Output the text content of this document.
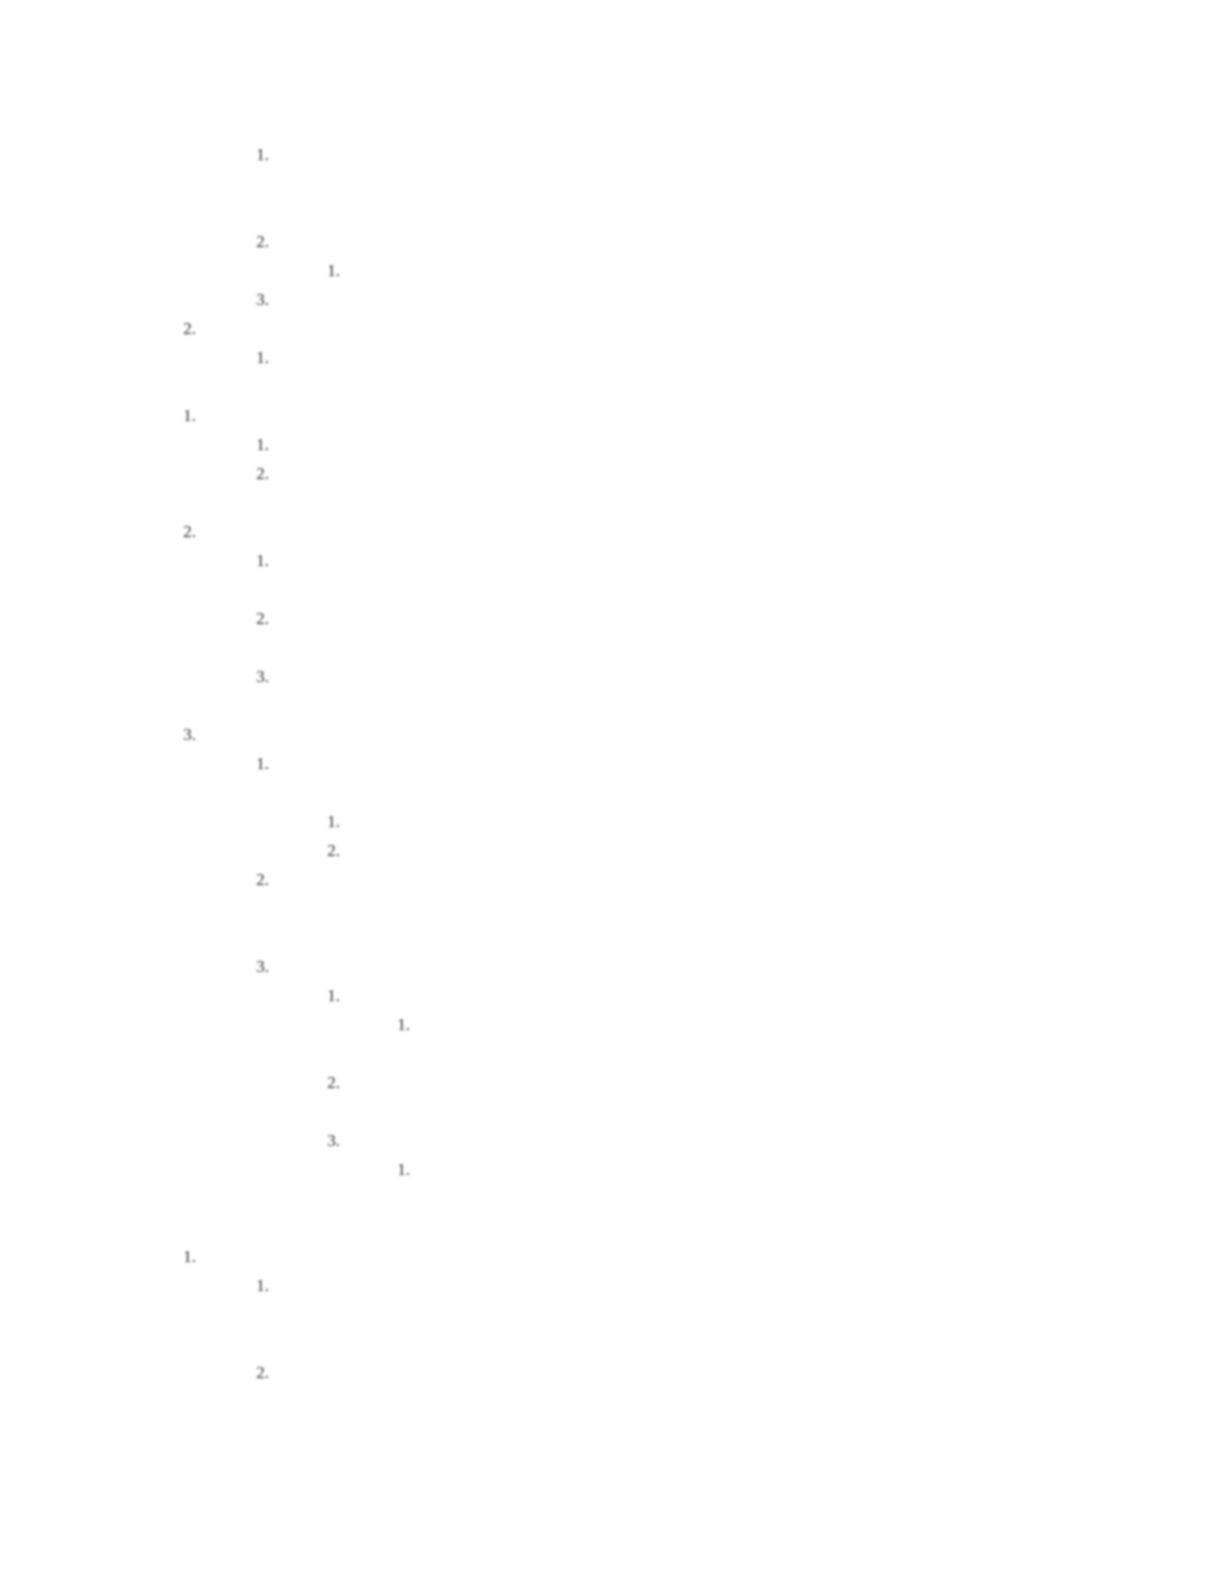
1.
2.
1.
3.
2.
1.
1.
1.
2.
2.
1.
2.
3.
3.
1.
1.
2.
2.
3.
1.
1.
2.
3.
1.
1.
1.
2.
